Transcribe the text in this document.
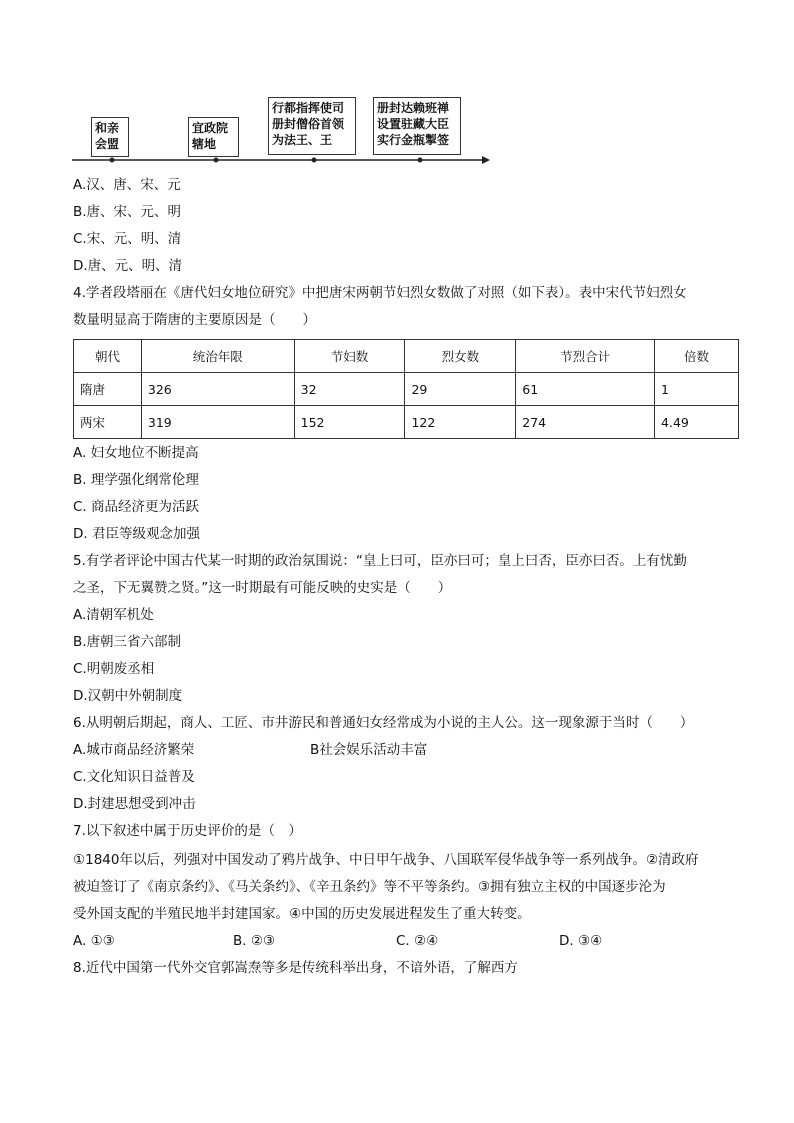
和亲
会盟
宜政院
辖地
行都指挥使司
册封僧俗首领
为法王、王
册封达赖班禅
设置驻藏大臣
实行金瓶掣签
A.汉、唐、宋、元
B.唐、宋、元、明
C.宋、元、明、清
D.唐、元、明、清
4.学者段塔丽在《唐代妇女地位研究》中把唐宋两朝节妇烈女数做了对照（如下表）。表中宋代节妇烈女
数量明显高于隋唐的主要原因是（　　）
朝代	统治年限	节妇数	烈女数	节烈合计	倍数
隋唐	326	32	29	61	1
两宋	319	152	122	274	4.49
A. 妇女地位不断提高
B. 理学强化纲常伦理
C. 商品经济更为活跃
D. 君臣等级观念加强
5.有学者评论中国古代某一时期的政治氛围说：“皇上曰可，臣亦曰可；皇上曰否，臣亦曰否。上有忧勤
之圣，下无翼赞之贤。”这一时期最有可能反映的史实是（　　）
A.清朝军机处
B.唐朝三省六部制
C.明朝废丞相
D.汉朝中外朝制度
6.从明朝后期起，商人、工匠、市井游民和普通妇女经常成为小说的主人公。这一现象源于当时（　　）
A.城市商品经济繁荣	B社会娱乐活动丰富
C.文化知识日益普及
D.封建思想受到冲击
7.以下叙述中属于历史评价的是（　）
①1840年以后，列强对中国发动了鸦片战争、中日甲午战争、八国联军侵华战争等一系列战争。②清政府
被迫签订了《南京条约》、《马关条约》、《辛丑条约》等不平等条约。③拥有独立主权的中国逐步沦为
受外国支配的半殖民地半封建国家。④中国的历史发展进程发生了重大转变。
A. ①③	B. ②③	C. ②④	D. ③④
8.近代中国第一代外交官郭嵩焘等多是传统科举出身，不谙外语，了解西方
